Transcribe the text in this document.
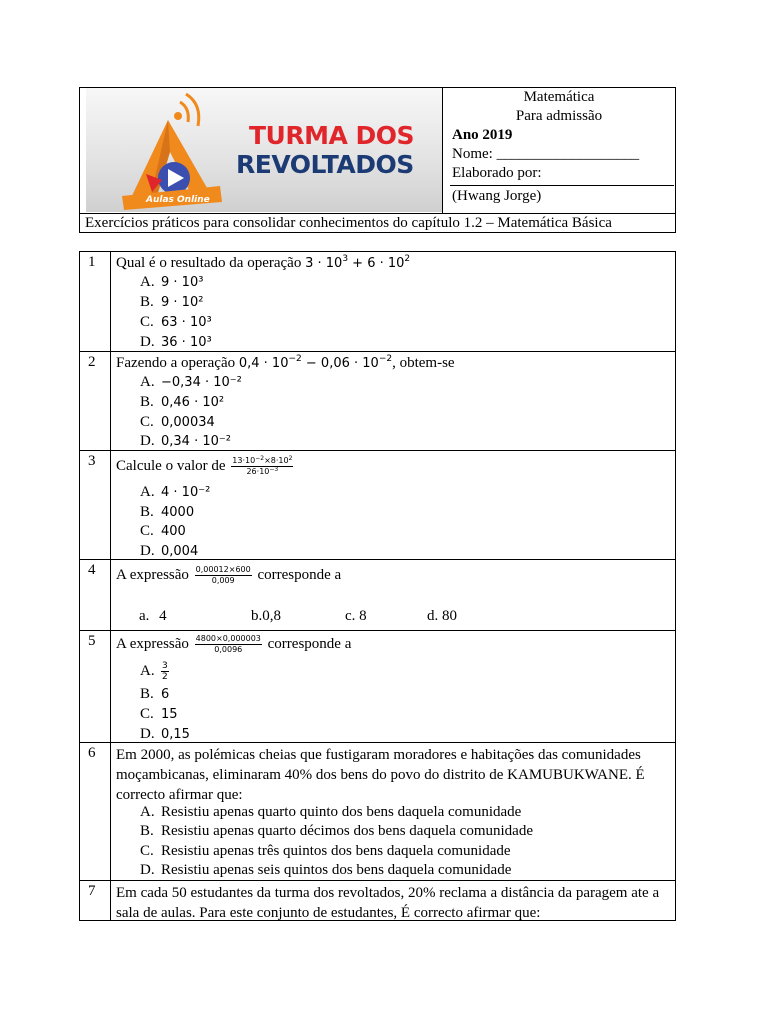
Aulas Online
TURMA DOS
REVOLTADOS
Matemática
Para admissão
Ano 2019
Nome: ___________________
Elaborado por:
(Hwang Jorge)
Exercícios práticos para consolidar conhecimentos do capítulo 1.2 – Matemática Básica
1 Qual é o resultado da operação $3 \cdot 10^3 + 6 \cdot 10^2$
A. 9 · 10³
B. 9 · 10²
C. 63 · 10³
D. 36 · 10³
2 Fazendo a operação $0,4 \cdot 10^{-2} - 0,06 \cdot 10^{-2}$, obtem-se
A. −0,34 · 10⁻²
B. 0,46 · 10²
C. 0,00034
D. 0,34 · 10⁻²
3 Calcule o valor de $\frac{13\cdot 10^{-2}\times 8\cdot 10^2}{26\cdot 10^{-3}}$
A. 4 · 10⁻²
B. 4000
C. 400
D. 0,004
4 A expressão $\frac{0,00012\times 600}{0,009}$ corresponde a
a. 4	b.0,8	c. 8	d. 80
5 A expressão $\frac{4800\times 0,000003}{0,0096}$ corresponde a
A. $\frac{3}{2}$
B. 6
C. 15
D. 0,15
6 Em 2000, as polémicas cheias que fustigaram moradores e habitações das comunidades moçambicanas, eliminaram 40% dos bens do povo do distrito de KAMUBUKWANE. É correcto afirmar que:
A. Resistiu apenas quarto quinto dos bens daquela comunidade
B. Resistiu apenas quarto décimos dos bens daquela comunidade
C. Resistiu apenas três quintos dos bens daquela comunidade
D. Resistiu apenas seis quintos dos bens daquela comunidade
7 Em cada 50 estudantes da turma dos revoltados, 20% reclama a distância da paragem ate a sala de aulas. Para este conjunto de estudantes, É correcto afirmar que:
